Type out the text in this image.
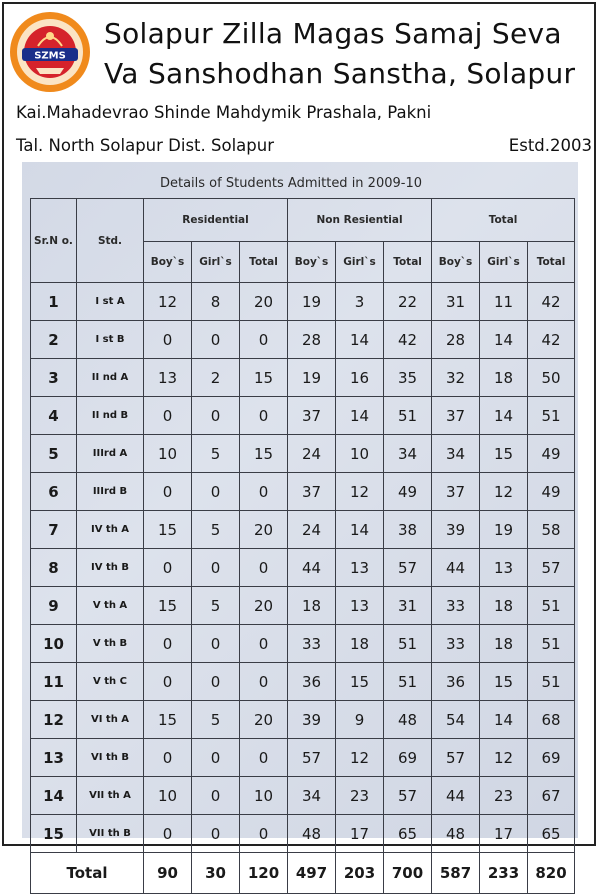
SZMS
Solapur Zilla Magas Samaj Seva
Va Sanshodhan Sanstha, Solapur
Kai.Mahadevrao Shinde Mahdymik Prashala, Pakni
Tal. North Solapur Dist. Solapur	Estd.2003
Details of Students Admitted in 2009-10
Sr.N o.	Std.	Residential			Non Resiential			Total		
		Boy`s	Girl`s	Total	Boy`s	Girl`s	Total	Boy`s	Girl`s	Total
1	I st A	12	8	20	19	3	22	31	11	42
2	I st B	0	0	0	28	14	42	28	14	42
3	II nd A	13	2	15	19	16	35	32	18	50
4	II nd B	0	0	0	37	14	51	37	14	51
5	IIIrd A	10	5	15	24	10	34	34	15	49
6	IIIrd B	0	0	0	37	12	49	37	12	49
7	IV th A	15	5	20	24	14	38	39	19	58
8	IV th B	0	0	0	44	13	57	44	13	57
9	V th A	15	5	20	18	13	31	33	18	51
10	V th B	0	0	0	33	18	51	33	18	51
11	V th C	0	0	0	36	15	51	36	15	51
12	VI th A	15	5	20	39	9	48	54	14	68
13	VI th B	0	0	0	57	12	69	57	12	69
14	VII th A	10	0	10	34	23	57	44	23	67
15	VII th B	0	0	0	48	17	65	48	17	65
Total		90	30	120	497	203	700	587	233	820
